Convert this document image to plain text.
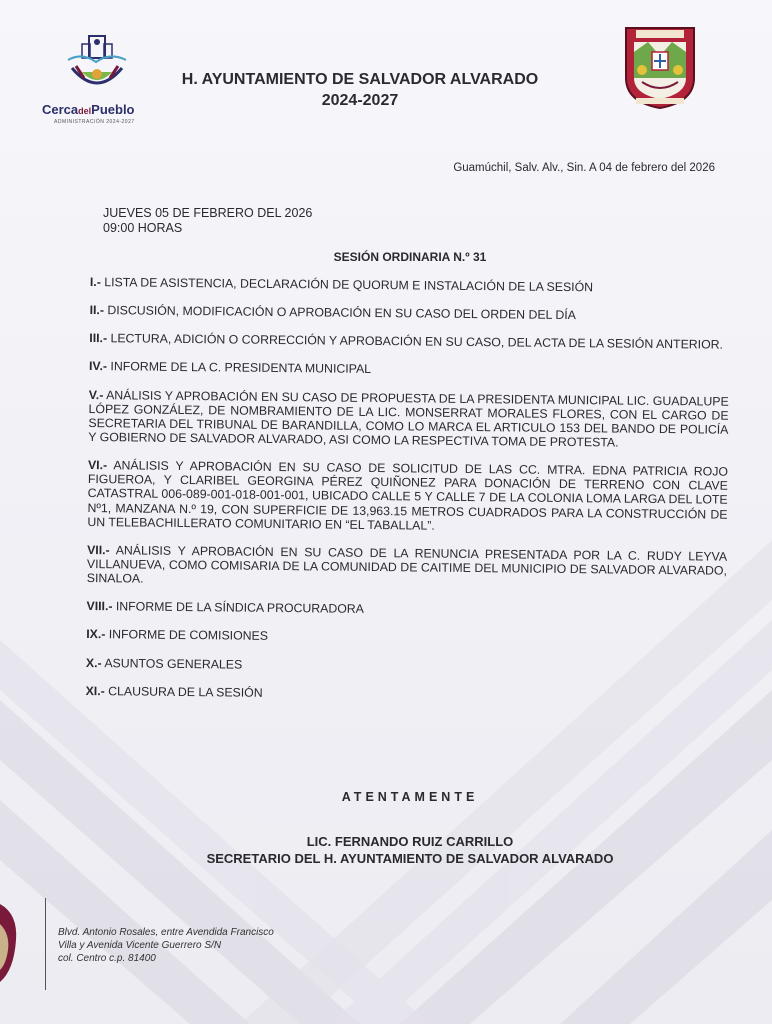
CercadelPueblo
ADMINISTRACIÓN 2024-2027
H. AYUNTAMIENTO DE SALVADOR ALVARADO
2024-2027
Guamúchil, Salv. Alv., Sin. A 04 de febrero del 2026
JUEVES 05 DE FEBRERO DEL 2026
09:00 HORAS
SESIÓN ORDINARIA N.º 31
I.- LISTA DE ASISTENCIA, DECLARACIÓN DE QUORUM E INSTALACIÓN DE LA SESIÓN
II.- DISCUSIÓN, MODIFICACIÓN O APROBACIÓN EN SU CASO DEL ORDEN DEL DÍA
III.- LECTURA, ADICIÓN O CORRECCIÓN Y APROBACIÓN EN SU CASO, DEL ACTA DE LA SESIÓN ANTERIOR.
IV.- INFORME DE LA C. PRESIDENTA MUNICIPAL
V.- ANÁLISIS Y APROBACIÓN EN SU CASO DE PROPUESTA DE LA PRESIDENTA MUNICIPAL LIC. GUADALUPE LÓPEZ GONZÁLEZ, DE NOMBRAMIENTO DE LA LIC. MONSERRAT MORALES FLORES, CON EL CARGO DE SECRETARIA DEL TRIBUNAL DE BARANDILLA, COMO LO MARCA EL ARTICULO 153 DEL BANDO DE POLICÍA Y GOBIERNO DE SALVADOR ALVARADO, ASI COMO LA RESPECTIVA TOMA DE PROTESTA.
VI.- ANÁLISIS Y APROBACIÓN EN SU CASO DE SOLICITUD DE LAS CC. MTRA. EDNA PATRICIA ROJO FIGUEROA, Y CLARIBEL GEORGINA PÉREZ QUIÑONEZ PARA DONACIÓN DE TERRENO CON CLAVE CATASTRAL 006-089-001-018-001-001, UBICADO CALLE 5 Y CALLE 7 DE LA COLONIA LOMA LARGA DEL LOTE Nº1, MANZANA N.º 19, CON SUPERFICIE DE 13,963.15 METROS CUADRADOS PARA LA CONSTRUCCIÓN DE UN TELEBACHILLERATO COMUNITARIO EN “EL TABALLAL”.
VII.- ANÁLISIS Y APROBACIÓN EN SU CASO DE LA RENUNCIA PRESENTADA POR LA C. RUDY LEYVA VILLANUEVA, COMO COMISARIA DE LA COMUNIDAD DE CAITIME DEL MUNICIPIO DE SALVADOR ALVARADO, SINALOA.
VIII.- INFORME DE LA SÍNDICA PROCURADORA
IX.- INFORME DE COMISIONES
X.- ASUNTOS GENERALES
XI.- CLAUSURA DE LA SESIÓN
ATENTAMENTE
LIC. FERNANDO RUIZ CARRILLO
SECRETARIO DEL H. AYUNTAMIENTO DE SALVADOR ALVARADO
Blvd. Antonio Rosales, entre Avendida Francisco
Villa y Avenida Vicente Guerrero S/N
col. Centro c.p. 81400
